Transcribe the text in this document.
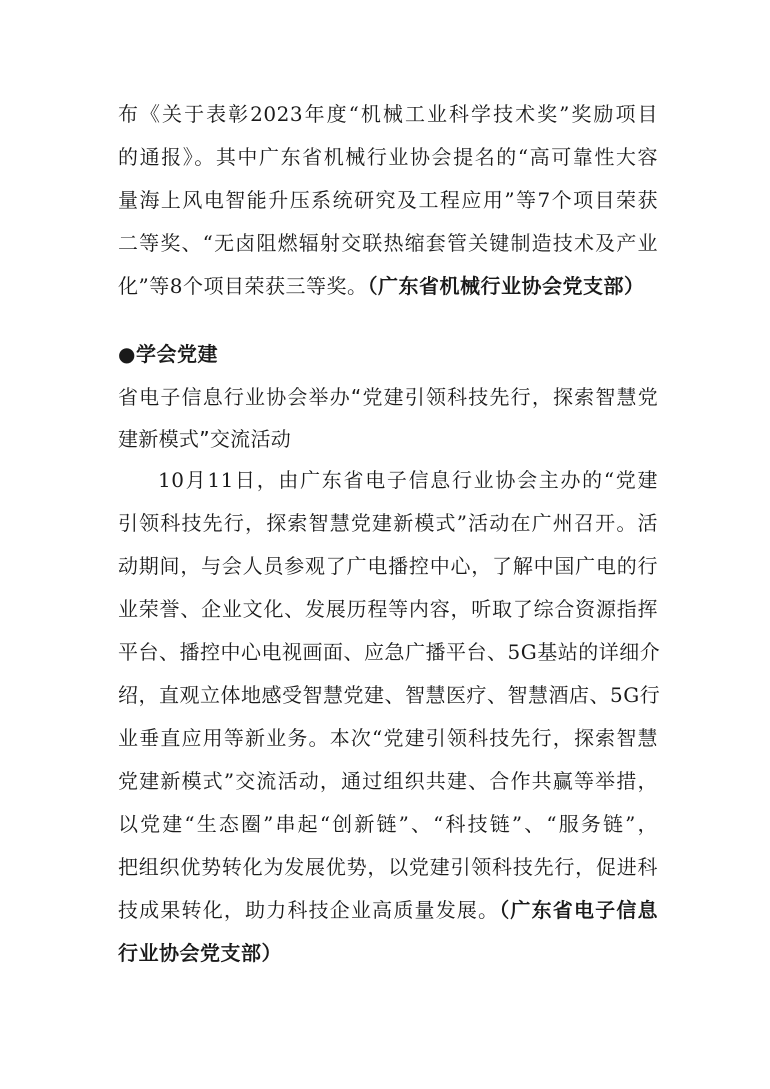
布《关于表彰2023年度“机械工业科学技术奖”奖励项目
的通报》。其中广东省机械行业协会提名的“高可靠性大容
量海上风电智能升压系统研究及工程应用”等7个项目荣获
二等奖、“无卤阻燃辐射交联热缩套管关键制造技术及产业
化”等8个项目荣获三等奖。（广东省机械行业协会党支部）
●学会党建
省电子信息行业协会举办“党建引领科技先行，探索智慧党
建新模式”交流活动
10月11日，由广东省电子信息行业协会主办的“党建
引领科技先行，探索智慧党建新模式”活动在广州召开。活
动期间，与会人员参观了广电播控中心，了解中国广电的行
业荣誉、企业文化、发展历程等内容，听取了综合资源指挥
平台、播控中心电视画面、应急广播平台、5G基站的详细介
绍，直观立体地感受智慧党建、智慧医疗、智慧酒店、5G行
业垂直应用等新业务。本次“党建引领科技先行，探索智慧
党建新模式”交流活动，通过组织共建、合作共赢等举措，
以党建“生态圈”串起“创新链”、“科技链”、“服务链”，
把组织优势转化为发展优势，以党建引领科技先行，促进科
技成果转化，助力科技企业高质量发展。（广东省电子信息
行业协会党支部）
